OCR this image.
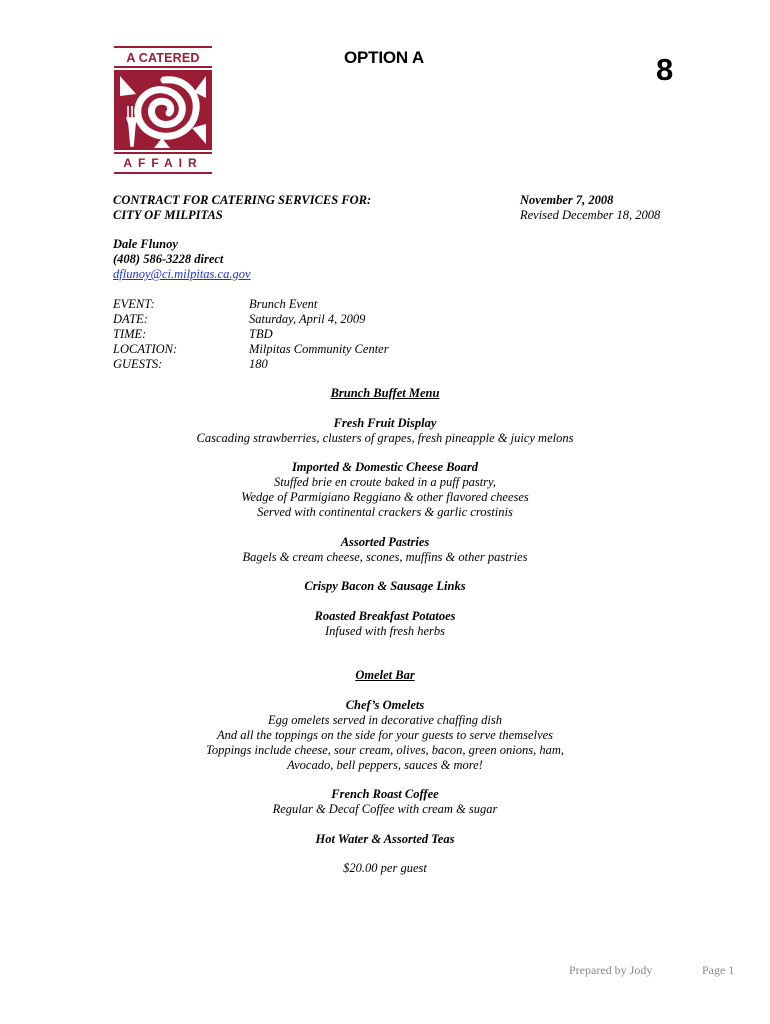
A CATERED
AFFAIR
OPTION A	8
CONTRACT FOR CATERING SERVICES FOR:
CITY OF MILPITAS
November 7, 2008
Revised December 18, 2008
Dale Flunoy
(408) 586-3228 direct
dflunoy@ci.milpitas.ca.gov
EVENT:	Brunch Event
DATE:	Saturday, April 4, 2009
TIME:	TBD
LOCATION:	Milpitas Community Center
GUESTS:	180
Brunch Buffet Menu
Fresh Fruit Display
Cascading strawberries, clusters of grapes, fresh pineapple & juicy melons
Imported & Domestic Cheese Board
Stuffed brie en croute baked in a puff pastry,
Wedge of Parmigiano Reggiano & other flavored cheeses
Served with continental crackers & garlic crostinis
Assorted Pastries
Bagels & cream cheese, scones, muffins & other pastries
Crispy Bacon & Sausage Links
Roasted Breakfast Potatoes
Infused with fresh herbs
Omelet Bar
Chef’s Omelets
Egg omelets served in decorative chaffing dish
And all the toppings on the side for your guests to serve themselves
Toppings include cheese, sour cream, olives, bacon, green onions, ham,
Avocado, bell peppers, sauces & more!
French Roast Coffee
Regular & Decaf Coffee with cream & sugar
Hot Water & Assorted Teas
$20.00 per guest
Prepared by Jody	Page 1
